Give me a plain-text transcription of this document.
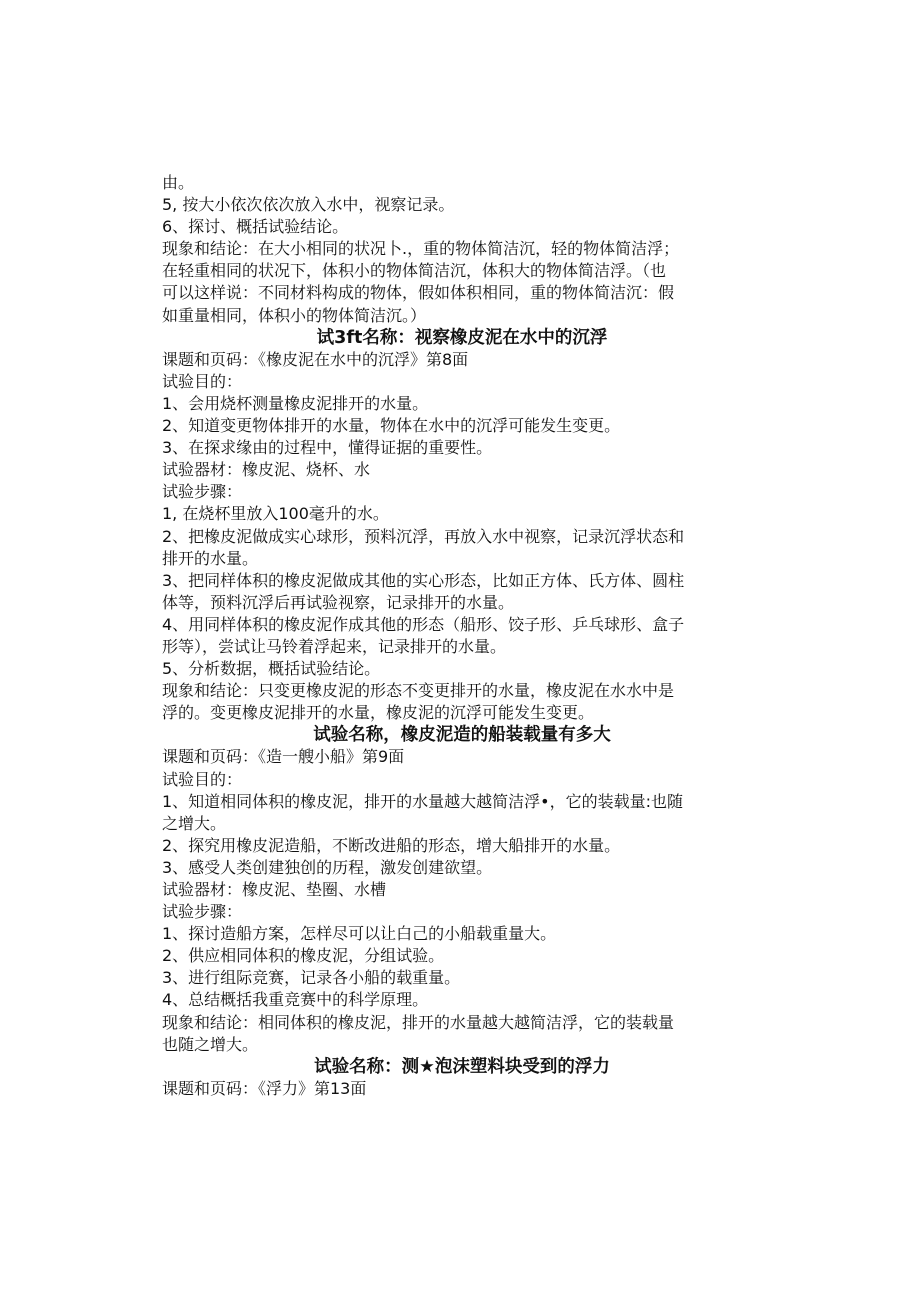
由。

5, 按大小依次依次放入水中，视察记录。

6、探讨、概括试验结论。

现象和结论：在大小相同的状况卜.，重的物体简洁沉，轻的物体简洁浮；

在轻重相同的状况下，体积小的物体简洁沉，体积大的物体简洁浮。（也

可以这样说：不同材料构成的物体，假如体积相同，重的物体简洁沉：假

如重量相同，体积小的物体简洁沉。）

试3ft名称：视察橡皮泥在水中的沉浮

课题和页码：《橡皮泥在水中的沉浮》第8面

试验目的：

1、会用烧杯测量橡皮泥排开的水量。

2、知道变更物体排开的水量，物体在水中的沉浮可能发生变更。

3、在探求缘由的过程中，懂得证据的重要性。

试验器材：橡皮泥、烧杯、水

试验步骤：

1, 在烧杯里放入100毫升的水。

2、把橡皮泥做成实心球形，预料沉浮，再放入水中视察，记录沉浮状态和

排开的水量。

3、把同样体积的橡皮泥做成其他的实心形态，比如正方体、氏方体、圆柱

体等，预料沉浮后再试验视察，记录排开的水量。

4、用同样体积的橡皮泥作成其他的形态（船形、饺子形、乒乓球形、盒子

形等），尝试让马铃着浮起来，记录排开的水量。

5、分析数据，概括试验结论。

现象和结论：只变更橡皮泥的形态不变更排开的水量，橡皮泥在水水中是

浮的。变更橡皮泥排开的水量，橡皮泥的沉浮可能发生变更。

试验名称，橡皮泥造的船装载量有多大

课题和页码：《造一艘小船》第9面

试验目的：

1、知道相同体积的橡皮泥，排开的水量越大越简洁浮•，它的装载量:也随

之增大。

2、探究用橡皮泥造船，不断改进船的形态，增大船排开的水量。

3、感受人类创建独创的历程，激发创建欲望。

试验器材：橡皮泥、垫圈、水槽

试验步骤：

1、探讨造船方案，怎样尽可以让白己的小船载重量大。

2、供应相同体积的橡皮泥，分组试验。

3、进行组际竞赛，记录各小船的载重量。

4、总结概括我重竞赛中的科学原理。

现象和结论：相同体积的橡皮泥，排开的水量越大越简洁浮，它的装载量

也随之增大。

试验名称：测★泡沫塑料块受到的浮力

课题和页码：《浮力》第13面
